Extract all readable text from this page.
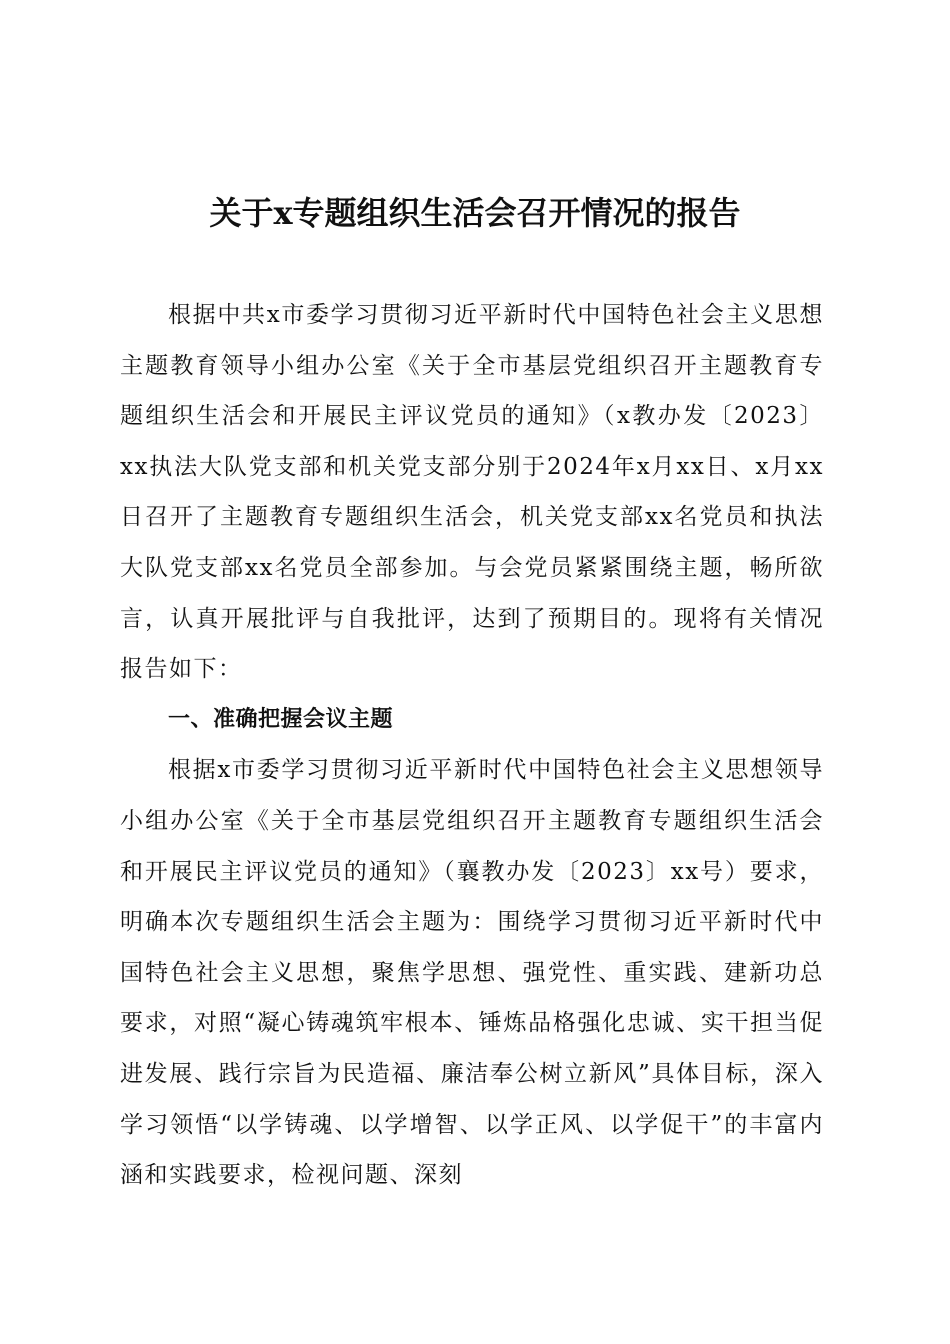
关于x专题组织生活会召开情况的报告

根据中共x市委学习贯彻习近平新时代中国特色社会主义思想主题教育领导小组办公室《关于全市基层党组织召开主题教育专题组织生活会和开展民主评议党员的通知》（x教办发〔2023〕xx执法大队党支部和机关党支部分别于2024年x月xx日、x月xx日召开了主题教育专题组织生活会，机关党支部xx名党员和执法大队党支部xx名党员全部参加。与会党员紧紧围绕主题，畅所欲言，认真开展批评与自我批评，达到了预期目的。现将有关情况报告如下：

一、准确把握会议主题

根据x市委学习贯彻习近平新时代中国特色社会主义思想领导小组办公室《关于全市基层党组织召开主题教育专题组织生活会和开展民主评议党员的通知》（襄教办发〔2023〕xx号）要求，明确本次专题组织生活会主题为：围绕学习贯彻习近平新时代中国特色社会主义思想，聚焦学思想、强党性、重实践、建新功总要求，对照“凝心铸魂筑牢根本、锤炼品格强化忠诚、实干担当促进发展、践行宗旨为民造福、廉洁奉公树立新风”具体目标，深入学习领悟“以学铸魂、以学增智、以学正风、以学促干”的丰富内涵和实践要求，检视问题、深刻
